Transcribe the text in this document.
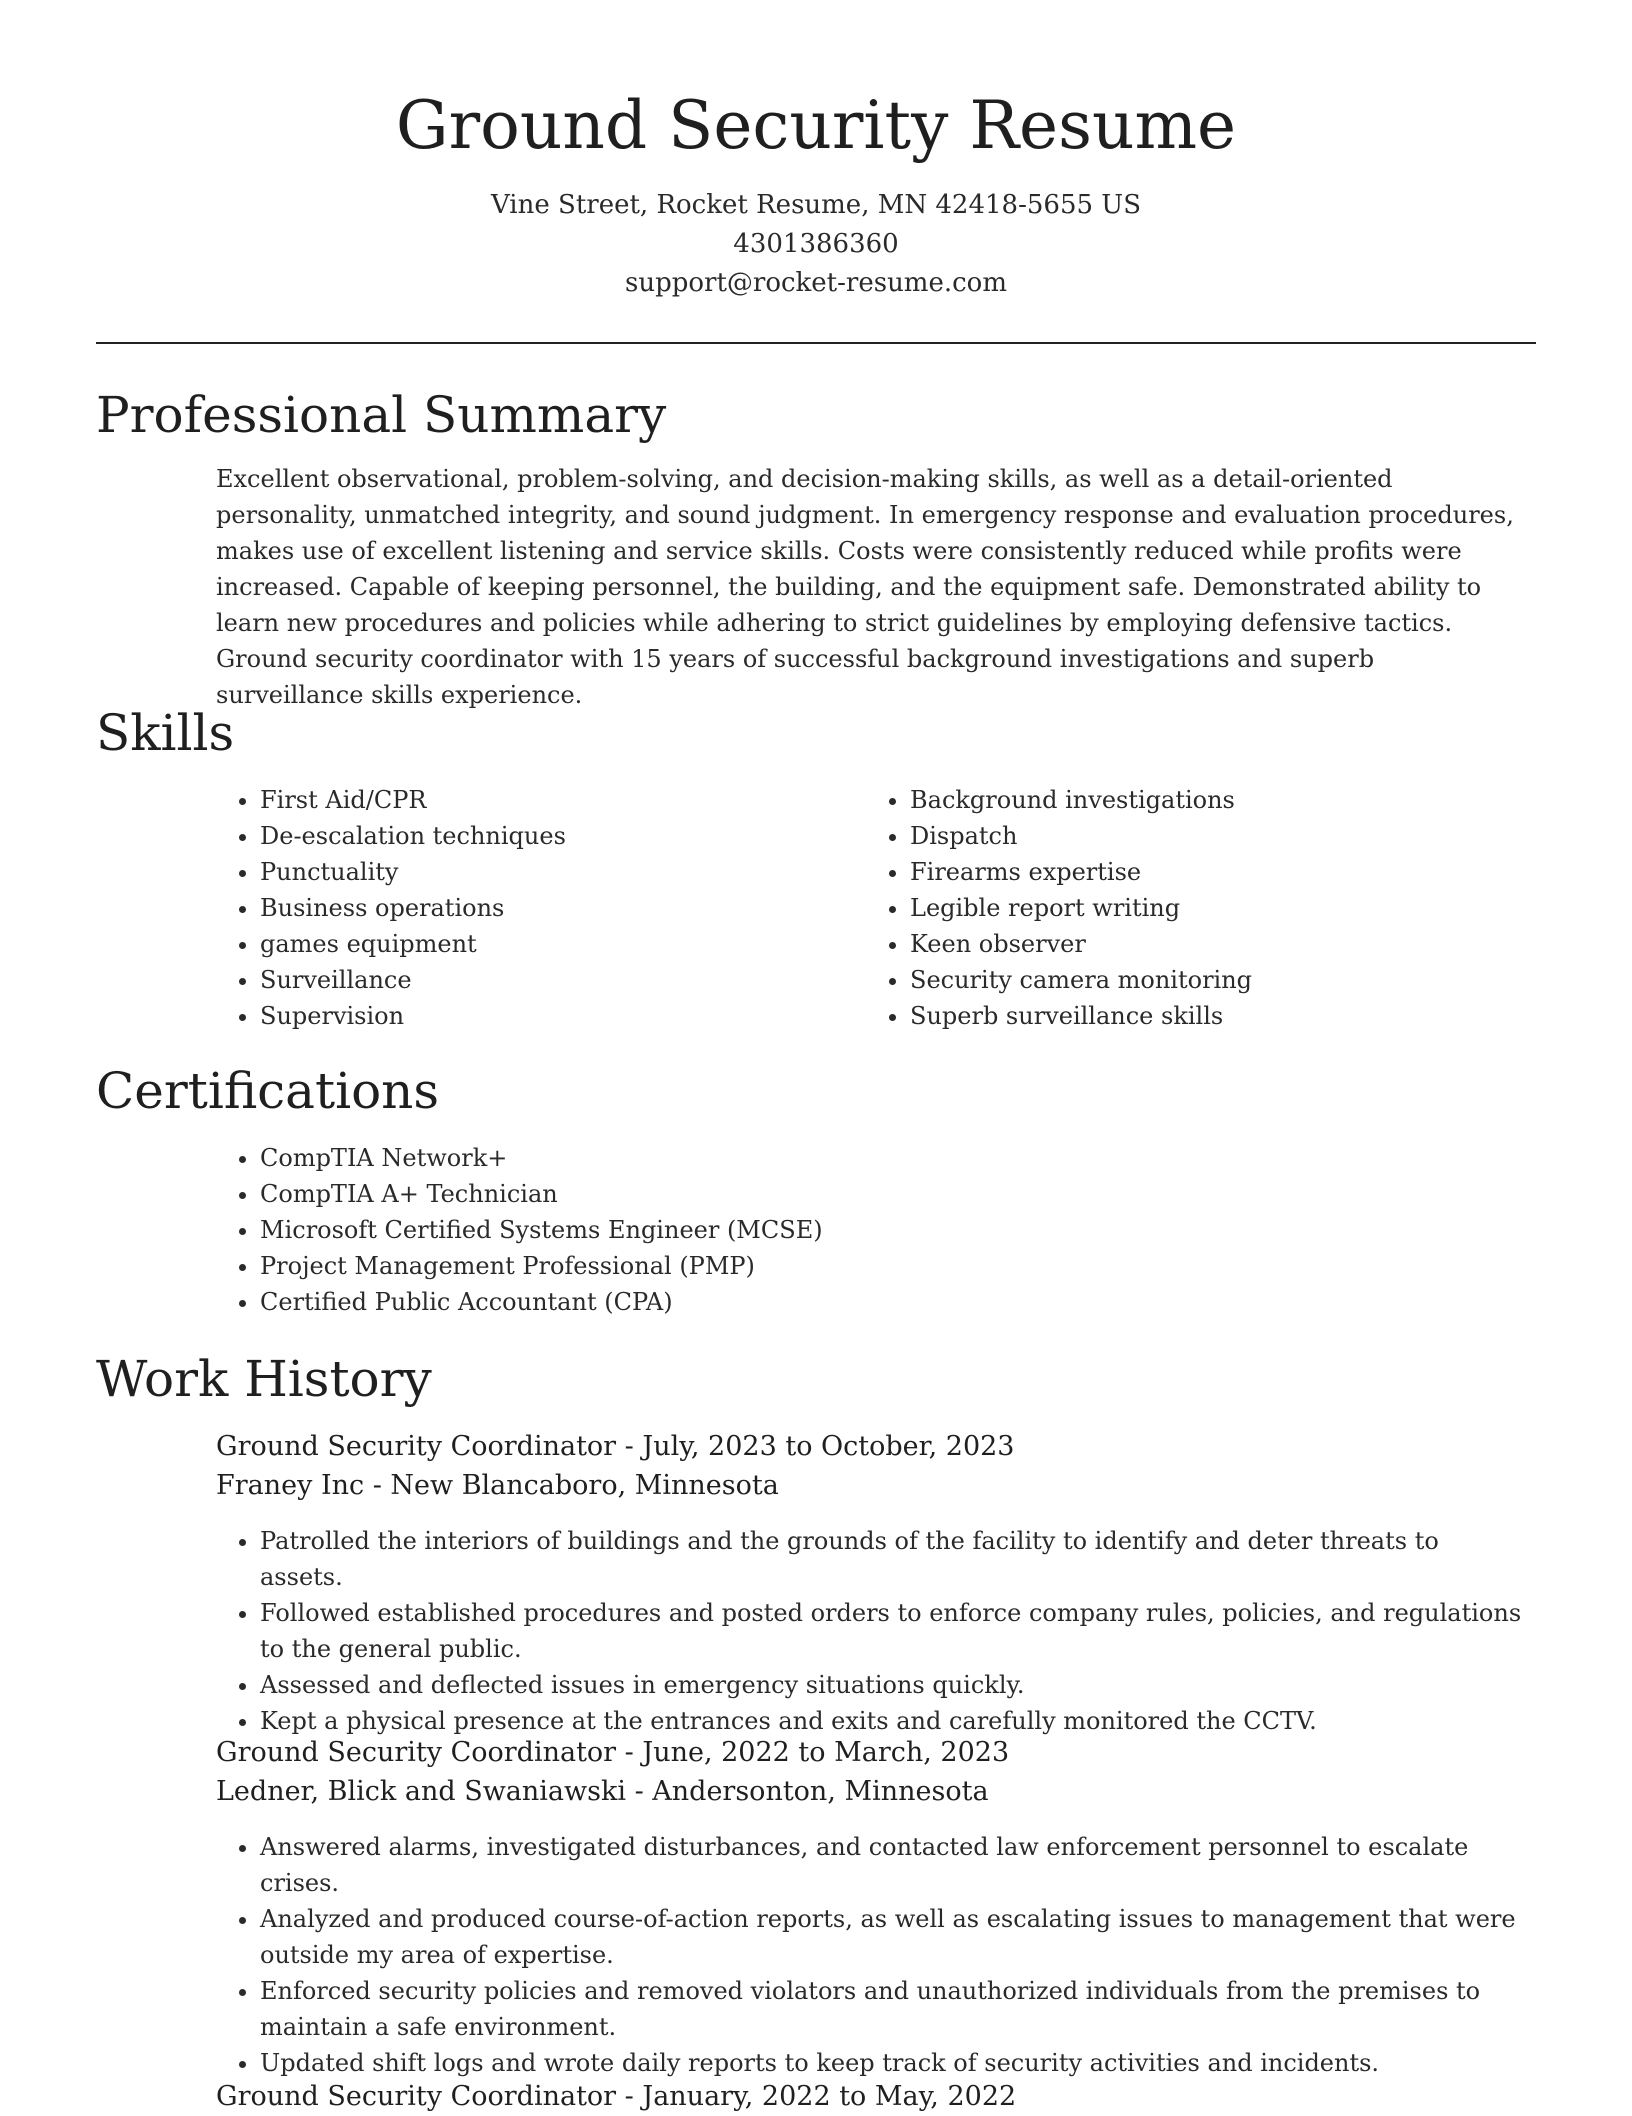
Ground Security Resume
Vine Street, Rocket Resume, MN 42418-5655 US
4301386360
support@rocket-resume.com
Professional Summary

Excellent observational, problem-solving, and decision-making skills, as well as a detail-oriented personality, unmatched integrity, and sound judgment. In emergency response and evaluation procedures, makes use of excellent listening and service skills. Costs were consistently reduced while profits were increased. Capable of keeping personnel, the building, and the equipment safe. Demonstrated ability to learn new procedures and policies while adhering to strict guidelines by employing defensive tactics. Ground security coordinator with 15 years of successful background investigations and superb surveillance skills experience.

Skills
• First Aid/CPR
• De-escalation techniques
• Punctuality
• Business operations
• games equipment
• Surveillance
• Supervision
• Background investigations
• Dispatch
• Firearms expertise
• Legible report writing
• Keen observer
• Security camera monitoring
• Superb surveillance skills
Certifications
• CompTIA Network+
• CompTIA A+ Technician
• Microsoft Certified Systems Engineer (MCSE)
• Project Management Professional (PMP)
• Certified Public Accountant (CPA)
Work History
Ground Security Coordinator - July, 2023 to October, 2023
Franey Inc - New Blancaboro, Minnesota
• Patrolled the interiors of buildings and the grounds of the facility to identify and deter threats to assets.
• Followed established procedures and posted orders to enforce company rules, policies, and regulations to the general public.
• Assessed and deflected issues in emergency situations quickly.
• Kept a physical presence at the entrances and exits and carefully monitored the CCTV.
Ground Security Coordinator - June, 2022 to March, 2023
Ledner, Blick and Swaniawski - Andersonton, Minnesota
• Answered alarms, investigated disturbances, and contacted law enforcement personnel to escalate crises.
• Analyzed and produced course-of-action reports, as well as escalating issues to management that were outside my area of expertise.
• Enforced security policies and removed violators and unauthorized individuals from the premises to maintain a safe environment.
• Updated shift logs and wrote daily reports to keep track of security activities and incidents.
Ground Security Coordinator - January, 2022 to May, 2022
